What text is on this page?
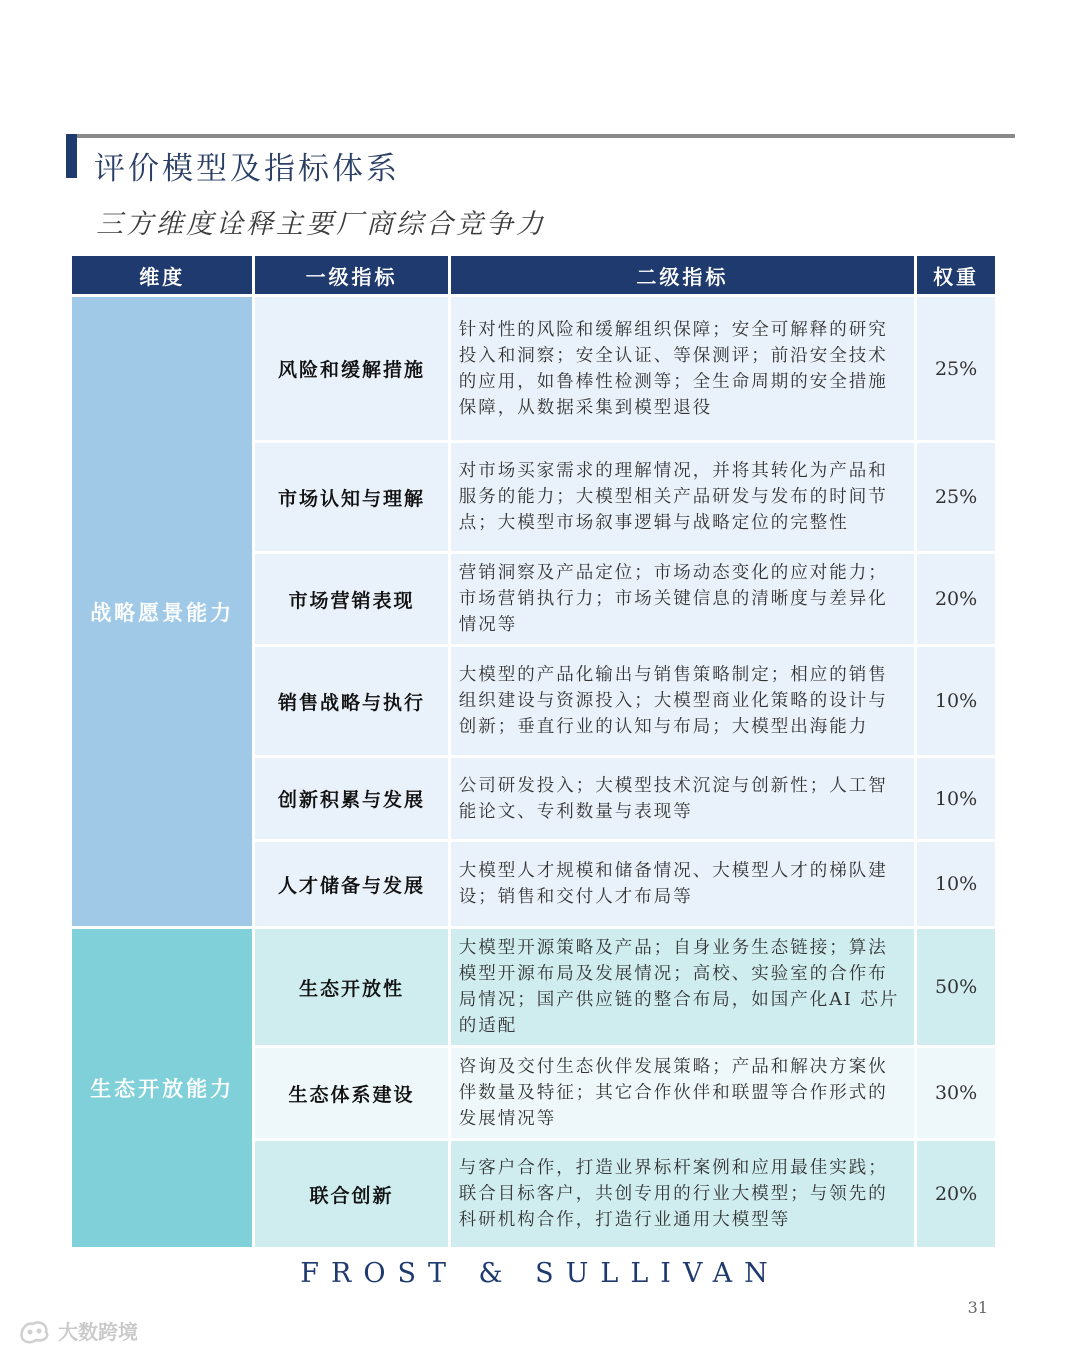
评价模型及指标体系
三方维度诠释主要厂商综合竞争力
维度	一级指标	二级指标	权重
战略愿景能力	风险和缓解措施	针对性的风险和缓解组织保障；安全可解释的研究投入和洞察；安全认证、等保测评；前沿安全技术的应用，如鲁棒性检测等；全生命周期的安全措施保障，从数据采集到模型退役	25%
	市场认知与理解	对市场买家需求的理解情况，并将其转化为产品和服务的能力；大模型相关产品研发与发布的时间节点；大模型市场叙事逻辑与战略定位的完整性	25%
	市场营销表现	营销洞察及产品定位；市场动态变化的应对能力；市场营销执行力；市场关键信息的清晰度与差异化情况等	20%
	销售战略与执行	大模型的产品化输出与销售策略制定；相应的销售组织建设与资源投入；大模型商业化策略的设计与创新；垂直行业的认知与布局；大模型出海能力	10%
	创新积累与发展	公司研发投入；大模型技术沉淀与创新性；人工智能论文、专利数量与表现等	10%
	人才储备与发展	大模型人才规模和储备情况、大模型人才的梯队建设；销售和交付人才布局等	10%
生态开放能力	生态开放性	大模型开源策略及产品；自身业务生态链接；算法模型开源布局及发展情况；高校、实验室的合作布局情况；国产供应链的整合布局，如国产化AI 芯片的适配	50%
	生态体系建设	咨询及交付生态伙伴发展策略；产品和解决方案伙伴数量及特征；其它合作伙伴和联盟等合作形式的发展情况等	30%
	联合创新	与客户合作，打造业界标杆案例和应用最佳实践；联合目标客户，共创专用的行业大模型；与领先的科研机构合作，打造行业通用大模型等	20%
FROST & SULLIVAN
31
大数跨境
